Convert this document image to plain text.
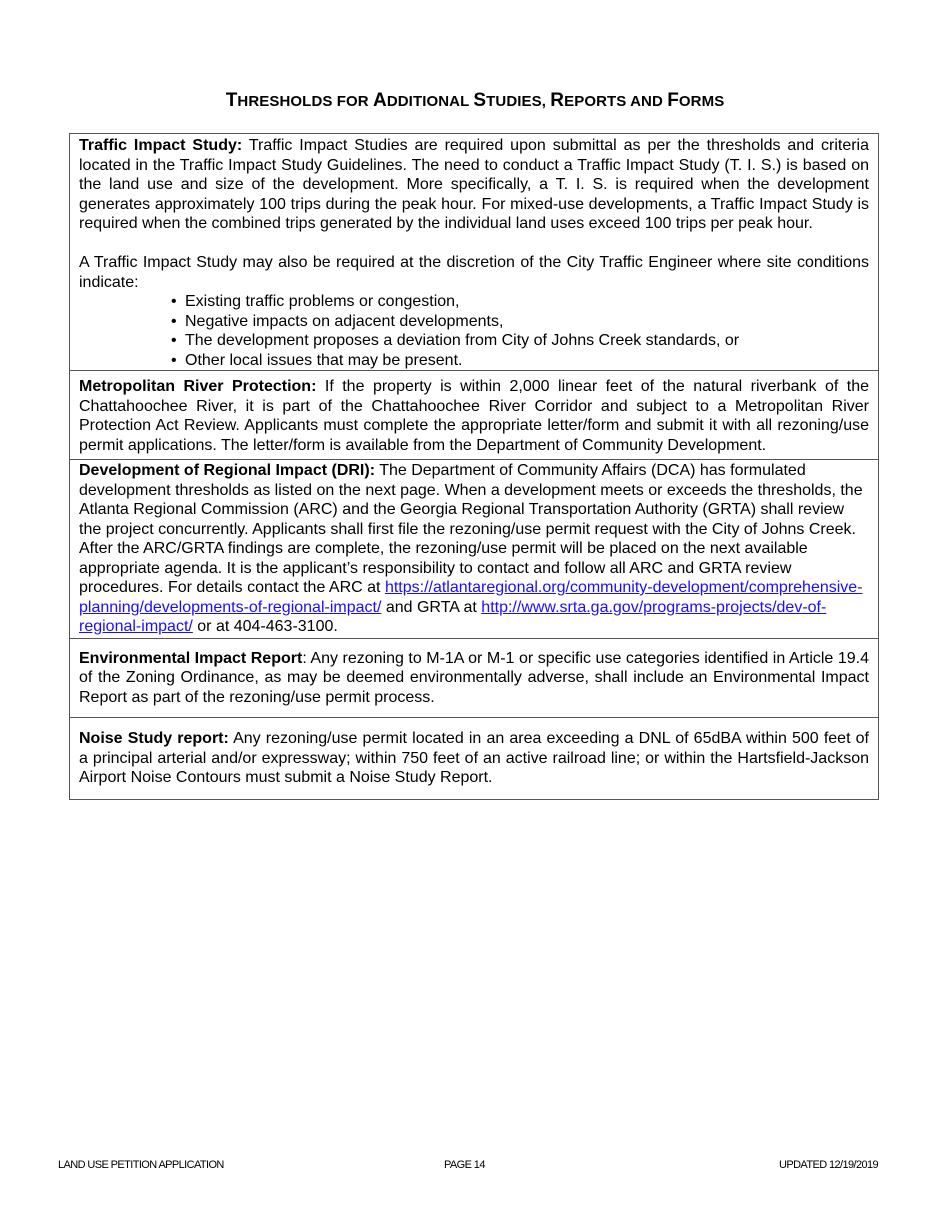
THRESHOLDS FOR ADDITIONAL STUDIES, REPORTS AND FORMS

Traffic Impact Study: Traffic Impact Studies are required upon submittal as per the thresholds and criteria located in the Traffic Impact Study Guidelines. The need to conduct a Traffic Impact Study (T. I. S.) is based on the land use and size of the development. More specifically, a T. I. S. is required when the development generates approximately 100 trips during the peak hour. For mixed-use developments, a Traffic Impact Study is required when the combined trips generated by the individual land uses exceed 100 trips per peak hour.

A Traffic Impact Study may also be required at the discretion of the City Traffic Engineer where site conditions indicate:

• Existing traffic problems or congestion,
• Negative impacts on adjacent developments,
• The development proposes a deviation from City of Johns Creek standards, or
• Other local issues that may be present.

Metropolitan River Protection: If the property is within 2,000 linear feet of the natural riverbank of the Chattahoochee River, it is part of the Chattahoochee River Corridor and subject to a Metropolitan River Protection Act Review. Applicants must complete the appropriate letter/form and submit it with all rezoning/use permit applications. The letter/form is available from the Department of Community Development.

Development of Regional Impact (DRI): The Department of Community Affairs (DCA) has formulated development thresholds as listed on the next page. When a development meets or exceeds the thresholds, the Atlanta Regional Commission (ARC) and the Georgia Regional Transportation Authority (GRTA) shall review the project concurrently. Applicants shall first file the rezoning/use permit request with the City of Johns Creek. After the ARC/GRTA findings are complete, the rezoning/use permit will be placed on the next available appropriate agenda. It is the applicant’s responsibility to contact and follow all ARC and GRTA review procedures. For details contact the ARC at https://atlantaregional.org/community-development/comprehensive-planning/developments-of-regional-impact/ and GRTA at http://www.srta.ga.gov/programs-projects/dev-of-regional-impact/ or at 404-463-3100.

Environmental Impact Report: Any rezoning to M-1A or M-1 or specific use categories identified in Article 19.4 of the Zoning Ordinance, as may be deemed environmentally adverse, shall include an Environmental Impact Report as part of the rezoning/use permit process.

Noise Study report: Any rezoning/use permit located in an area exceeding a DNL of 65dBA within 500 feet of a principal arterial and/or expressway; within 750 feet of an active railroad line; or within the Hartsfield-Jackson Airport Noise Contours must submit a Noise Study Report.

LAND USE PETITION APPLICATION	PAGE 14	UPDATED 12/19/2019
